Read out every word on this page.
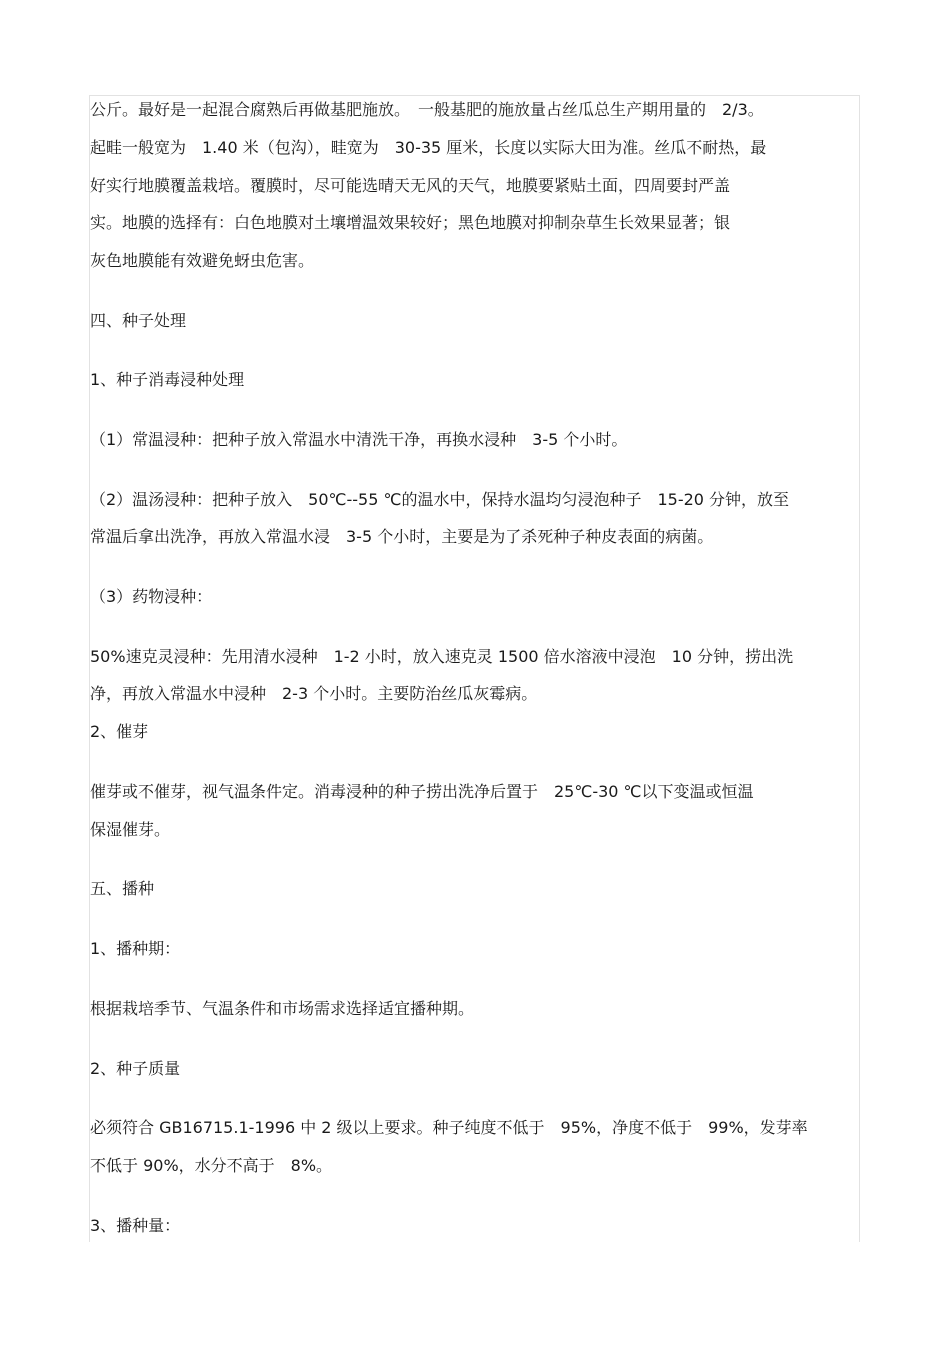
公斤。最好是一起混合腐熟后再做基肥施放。　一般基肥的施放量占丝瓜总生产期用量的　2/3。
起畦一般宽为　1.40 米（包沟），畦宽为　30-35 厘米，长度以实际大田为准。丝瓜不耐热，最
好实行地膜覆盖栽培。覆膜时，尽可能选晴天无风的天气，地膜要紧贴土面，四周要封严盖
实。地膜的选择有：白色地膜对土壤增温效果较好；黑色地膜对抑制杂草生长效果显著；银
灰色地膜能有效避免蚜虫危害。
四、种子处理
1、种子消毒浸种处理
（1）常温浸种：把种子放入常温水中清洗干净，再换水浸种　3-5 个小时。
（2）温汤浸种：把种子放入　50℃--55 ℃的温水中，保持水温均匀浸泡种子　15-20 分钟，放至
常温后拿出洗净，再放入常温水浸　3-5 个小时，主要是为了杀死种子种皮表面的病菌。
（3）药物浸种：
50%速克灵浸种：先用清水浸种　1-2 小时，放入速克灵 1500 倍水溶液中浸泡　10 分钟，捞出洗
净，再放入常温水中浸种　2-3 个小时。主要防治丝瓜灰霉病。
2、催芽
催芽或不催芽，视气温条件定。消毒浸种的种子捞出洗净后置于　25℃-30 ℃以下变温或恒温
保湿催芽。
五、播种
1、播种期：
根据栽培季节、气温条件和市场需求选择适宜播种期。
2、种子质量
必须符合 GB16715.1-1996 中 2 级以上要求。种子纯度不低于　95%，净度不低于　99%，发芽率
不低于 90%，水分不高于　8%。
3、播种量：
